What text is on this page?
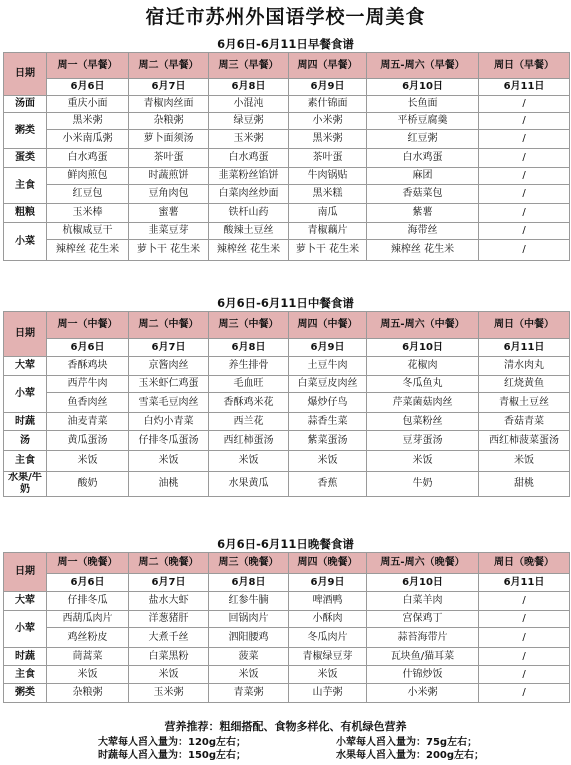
宿迁市苏州外国语学校一周美食
6月6日-6月11日早餐食谱
日期	周一（早餐）	周二（早餐）	周三（早餐）	周四（早餐）	周五-周六（早餐）	周日（早餐）
	6月6日	6月7日	6月8日	6月9日	6月10日	6月11日
汤面	重庆小面	青椒肉丝面	小混沌	素什锦面	长鱼面	/
粥类	黑米粥	杂粮粥	绿豆粥	小米粥	平桥豆腐羹	/
	小米南瓜粥	萝卜面须汤	玉米粥	黑米粥	红豆粥	/
蛋类	白水鸡蛋	茶叶蛋	白水鸡蛋	茶叶蛋	白水鸡蛋	/
主食	鲜肉煎包	时蔬煎饼	韭菜粉丝馅饼	牛肉锅贴	麻团	/
	红豆包	豆角肉包	白菜肉丝炒面	黑米糕	香菇菜包	/
粗粮	玉米棒	蜜薯	铁杆山药	南瓜	紫薯	/
小菜	杭椒咸豆干	韭菜豆芽	酸辣土豆丝	青椒藕片	海带丝	/
	辣榨丝 花生米	萝卜干 花生米	辣榨丝 花生米	萝卜干 花生米	辣榨丝 花生米	/
6月6日-6月11日中餐食谱
日期	周一（中餐）	周二（中餐）	周三（中餐）	周四（中餐）	周五-周六（中餐）	周日（中餐）
	6月6日	6月7日	6月8日	6月9日	6月10日	6月11日
大荤	香酥鸡块	京酱肉丝	养生排骨	土豆牛肉	花椒肉	清水肉丸
小荤	西芹牛肉	玉米虾仁鸡蛋	毛血旺	白菜豆皮肉丝	冬瓜鱼丸	红烧黄鱼
	鱼香肉丝	雪菜毛豆肉丝	香酥鸡米花	爆炒仔鸟	芹菜菌菇肉丝	青椒土豆丝
时蔬	油麦青菜	白灼小青菜	西兰花	蒜香生菜	包菜粉丝	香菇青菜
汤	黄瓜蛋汤	仔排冬瓜蛋汤	西红柿蛋汤	紫菜蛋汤	豆芽蛋汤	西红柿菠菜蛋汤
主食	米饭	米饭	米饭	米饭	米饭	米饭
水果/牛奶	酸奶	油桃	水果黄瓜	香蕉	牛奶	甜桃
6月6日-6月11日晚餐食谱
日期	周一（晚餐）	周二（晚餐）	周三（晚餐）	周四（晚餐）	周五-周六（晚餐）	周日（晚餐）
	6月6日	6月7日	6月8日	6月9日	6月10日	6月11日
大荤	仔排冬瓜	盐水大虾	红参牛腩	啤酒鸭	白菜羊肉	/
小荤	西葫瓜肉片	洋葱猪肝	回锅肉片	小酥肉	宫保鸡丁	/
	鸡丝粉皮	大煮千丝	泗阳腰鸡	冬瓜肉片	蒜苔海带片	/
时蔬	茼蒿菜	白菜黑粉	菠菜	青椒绿豆芽	瓦块鱼/猫耳菜	/
主食	米饭	米饭	米饭	米饭	什锦炒饭	/
粥类	杂粮粥	玉米粥	青菜粥	山芋粥	小米粥	/
营养推荐：粗细搭配、食物多样化、有机绿色营养
大荤每人舀入量为：120g左右；	小荤每人舀入量为：75g左右；
时蔬每人舀入量为：150g左右；	水果每人舀入量为：200g左右；
